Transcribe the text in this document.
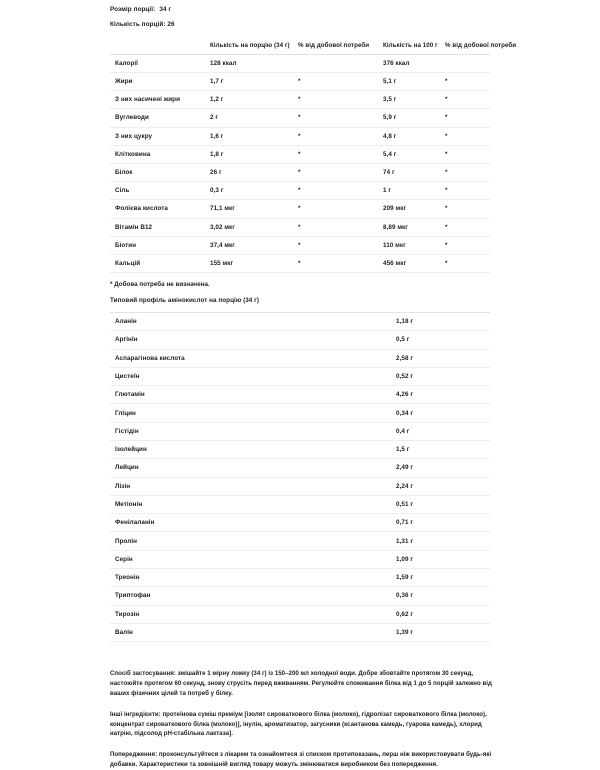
Розмір порції: 34 г
Кількість порцій: 26
	Кількість на порцію (34 г)	% від добової потреби	Кількість на 100 г	% від добової потреби
Калорії	128 ккал		376 ккал	
Жири	1,7 г	*	5,1 г	*
З них насичені жири	1,2 г	*	3,5 г	*
Вуглеводи	2 г	*	5,9 г	*
З них цукру	1,6 г	*	4,8 г	*
Клітковина	1,8 г	*	5,4 г	*
Білок	26 г	*	74 г	*
Сіль	0,3 г	*	1 г	*
Фолієва кислота	71,1 мкг	*	209 мкг	*
Вітамін B12	3,02 мкг	*	8,89 мкг	*
Біотин	37,4 мкг	*	110 мкг	*
Кальцій	155 мкг	*	456 мкг	*
* Добова потреба не визначена.
Типовий профіль амінокислот на порцію (34 г)
Аланін	1,18 г
Аргінін	0,5 г
Аспарагінова кислота	2,58 г
Цистеїн	0,52 г
Глютамін	4,26 г
Гліцин	0,34 г
Гістідін	0,4 г
Ізолейцин	1,5 г
Лейцин	2,49 г
Лізін	2,24 г
Метіонін	0,51 г
Фенілаланін	0,71 г
Пролін	1,31 г
Серін	1,09 г
Треонін	1,59 г
Триптофан	0,36 г
Тирозін	0,62 г
Валін	1,39 г
Спосіб застосування: змішайте 1 мірну ложку (34 г) із 150–200 мл холодної води. Добре збовтайте протягом 30 секунд, настоюйте протягом 60 секунд, знову струсіть перед вживанням. Регулюйте споживання білка від 1 до 5 порцій залежно від ваших фізичних цілей та потреб у білку.
Інші інгредієнти: протеїнова суміш преміум [ізолят сироваткового білка (молоко), гідролізат сироваткового білка (молоко), концентрат сироваткового білка (молоко)], інулін, ароматизатор, загусники (ксантанова камедь, гуарова камедь), хлорид натрію, підсолод рН-стабільна лактаза].
Попередження: проконсультуйтеся з лікарем та ознайомтеся зі списком протипоказань, перш ніж використовувати будь-які добавки. Характеристики та зовнішній вигляд товару можуть змінюватися виробником без попередження.
